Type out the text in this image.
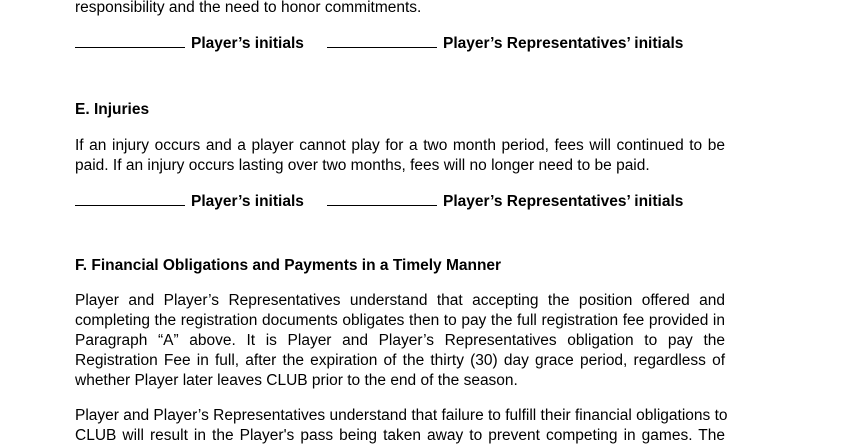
responsibility and the need to honor commitments.
Player’s initials	Player’s Representatives’ initials
E. Injuries
If an injury occurs and a player cannot play for a two month period, fees will continued to be
paid. If an injury occurs lasting over two months, fees will no longer need to be paid.
Player’s initials	Player’s Representatives’ initials
F. Financial Obligations and Payments in a Timely Manner
Player and Player’s Representatives understand that accepting the position offered and
completing the registration documents obligates then to pay the full registration fee provided in
Paragraph “A” above. It is Player and Player’s Representatives obligation to pay the
Registration Fee in full, after the expiration of the thirty (30) day grace period, regardless of
whether Player later leaves CLUB prior to the end of the season.
Player and Player’s Representatives understand that failure to fulfill their financial obligations to
CLUB will result in the Player's pass being taken away to prevent competing in games. The
